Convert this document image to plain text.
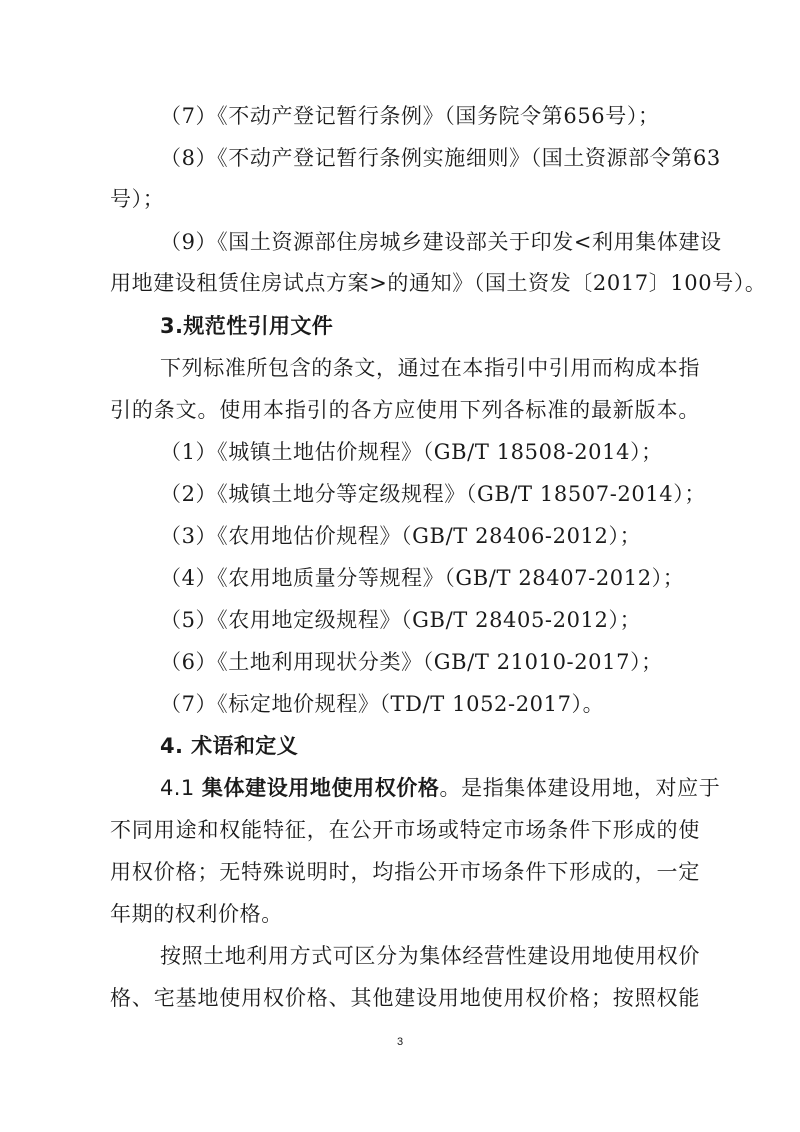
（7）《不动产登记暂行条例》（国务院令第656号）；
（8）《不动产登记暂行条例实施细则》（国土资源部令第63
号）；
（9）《国土资源部住房城乡建设部关于印发<利用集体建设
用地建设租赁住房试点方案>的通知》（国土资发〔2017〕100号）。
3.规范性引用文件
下列标准所包含的条文，通过在本指引中引用而构成本指
引的条文。使用本指引的各方应使用下列各标准的最新版本。
（1）《城镇土地估价规程》（GB/T 18508-2014）；
（2）《城镇土地分等定级规程》（GB/T 18507-2014）；
（3）《农用地估价规程》（GB/T 28406-2012）；
（4）《农用地质量分等规程》（GB/T 28407-2012）；
（5）《农用地定级规程》（GB/T 28405-2012）；
（6）《土地利用现状分类》（GB/T 21010-2017）；
（7）《标定地价规程》（TD/T 1052-2017）。
4. 术语和定义
4.1 集体建设用地使用权价格。是指集体建设用地，对应于
不同用途和权能特征，在公开市场或特定市场条件下形成的使
用权价格；无特殊说明时，均指公开市场条件下形成的，一定
年期的权利价格。
按照土地利用方式可区分为集体经营性建设用地使用权价
格、宅基地使用权价格、其他建设用地使用权价格；按照权能
3
